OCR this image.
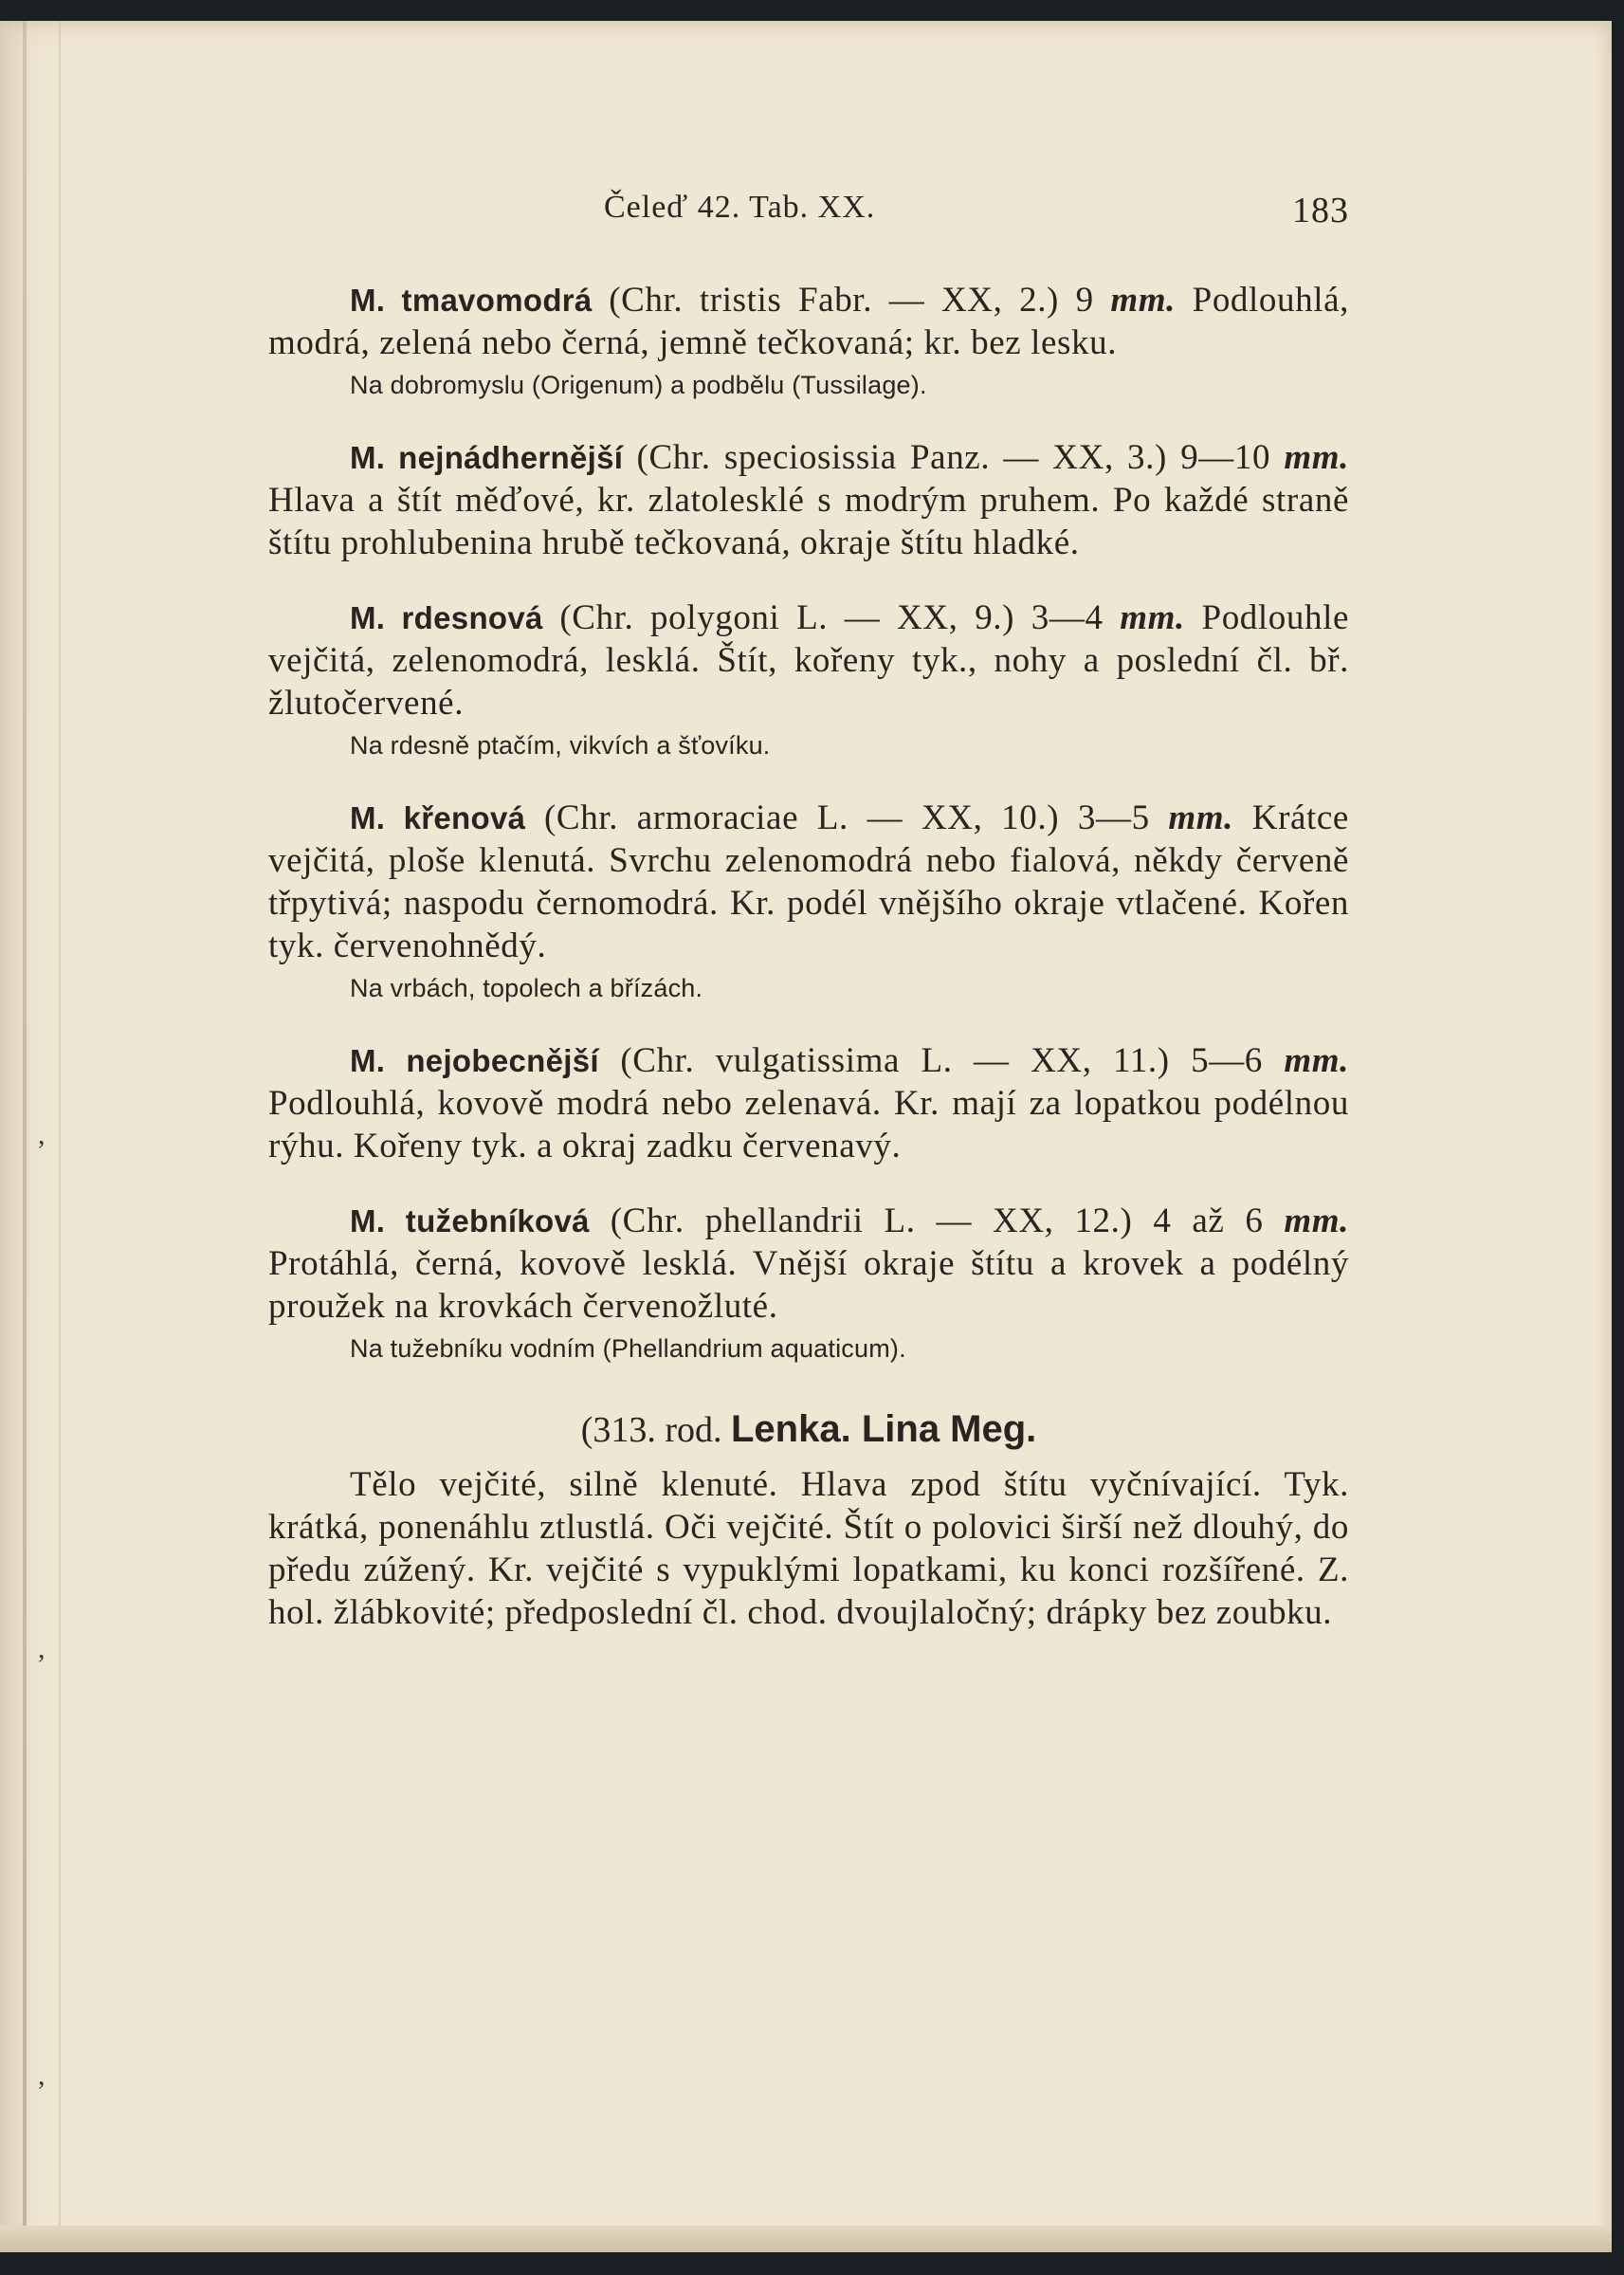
Čeleď 42. Tab. XX.	183

M. tmavomodrá (Chr. tristis Fabr. — XX, 2.) 9 mm. Podlouhlá, modrá, zelená nebo černá, jemně tečkovaná; kr. bez lesku.

Na dobromyslu (Origenum) a podbělu (Tussilage).

M. nejnádhernější (Chr. speciosissia Panz. — XX, 3.) 9—10 mm. Hlava a štít měďové, kr. zlatolesklé s modrým pruhem. Po každé straně štítu prohlubenina hrubě tečkovaná, okraje štítu hladké.

M. rdesnová (Chr. polygoni L. — XX, 9.) 3—4 mm. Podlouhle vejčitá, zelenomodrá, lesklá. Štít, kořeny tyk., nohy a poslední čl. bř. žlutočervené.

Na rdesně ptačím, vikvích a šťovíku.

M. křenová (Chr. armoraciae L. — XX, 10.) 3—5 mm. Krátce vejčitá, ploše klenutá. Svrchu zelenomodrá nebo fialová, někdy červeně třpytivá; naspodu černomodrá. Kr. podél vnějšího okraje vtlačené. Kořen tyk. červenohnědý.

Na vrbách, topolech a břízách.

M. nejobecnější (Chr. vulgatissima L. — XX, 11.) 5—6 mm. Podlouhlá, kovově modrá nebo zelenavá. Kr. mají za lopatkou podélnou rýhu. Kořeny tyk. a okraj zadku červenavý.

M. tužebníková (Chr. phellandrii L. — XX, 12.) 4 až 6 mm. Protáhlá, černá, kovově lesklá. Vnější okraje štítu a krovek a podélný proužek na krovkách červenožluté.

Na tužebníku vodním (Phellandrium aquaticum).
(313. rod. Lenka. Lina Meg.

Tělo vejčité, silně klenuté. Hlava zpod štítu vyčnívající. Tyk. krátká, ponenáhlu ztlustlá. Oči vejčité. Štít o polovici širší než dlouhý, do předu zúžený. Kr. vejčité s vypuklými lopatkami, ku konci rozšířené. Z. hol. žlábkovité; předposlední čl. chod. dvoujlaločný; drápky bez zoubku.

,
,
,
